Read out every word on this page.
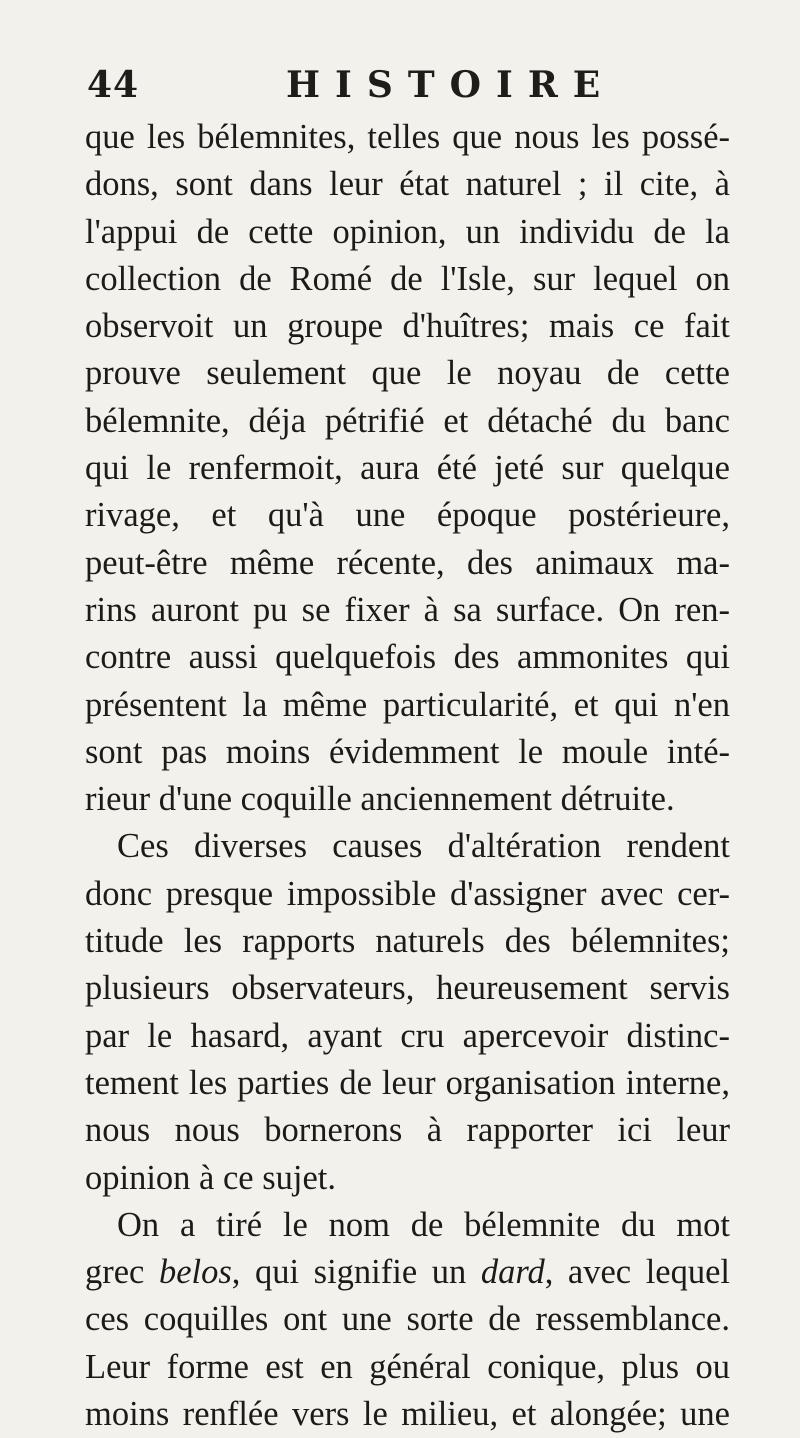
44	HISTOIRE
que les bélemnites, telles que nous les possé-
dons, sont dans leur état naturel ; il cite, à
l'appui de cette opinion, un individu de la
collection de Romé de l'Isle, sur lequel on
observoit un groupe d'huîtres; mais ce fait
prouve seulement que le noyau de cette
bélemnite, déja pétrifié et détaché du banc
qui le renfermoit, aura été jeté sur quelque
rivage, et qu'à une époque postérieure,
peut-être même récente, des animaux ma-
rins auront pu se fixer à sa surface. On ren-
contre aussi quelquefois des ammonites qui
présentent la même particularité, et qui n'en
sont pas moins évidemment le moule inté-
rieur d'une coquille anciennement détruite.
Ces diverses causes d'altération rendent
donc presque impossible d'assigner avec cer-
titude les rapports naturels des bélemnites;
plusieurs observateurs, heureusement servis
par le hasard, ayant cru apercevoir distinc-
tement les parties de leur organisation interne,
nous nous bornerons à rapporter ici leur
opinion à ce sujet.
On a tiré le nom de bélemnite du mot
grec belos, qui signifie un dard, avec lequel
ces coquilles ont une sorte de ressemblance.
Leur forme est en général conique, plus ou
moins renflée vers le milieu, et alongée; une
